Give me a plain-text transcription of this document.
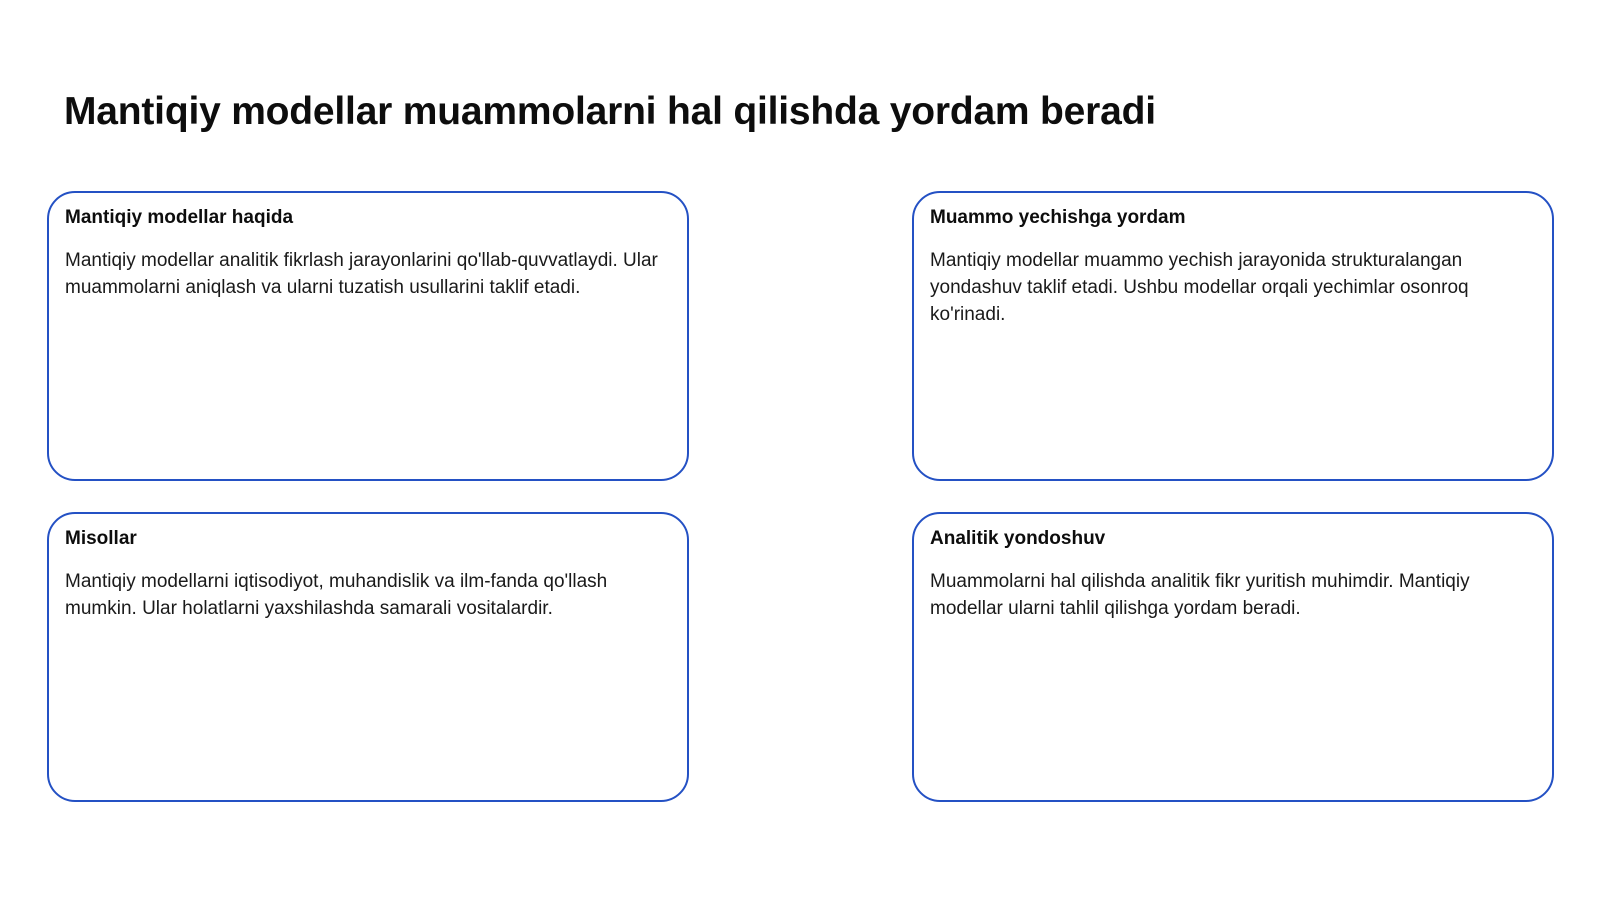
Mantiqiy modellar muammolarni hal qilishda yordam beradi
Mantiqiy modellar haqida

Mantiqiy modellar analitik fikrlash jarayonlarini qo'llab-quvvatlaydi. Ular muammolarni aniqlash va ularni tuzatish usullarini taklif etadi.

Muammo yechishga yordam

Mantiqiy modellar muammo yechish jarayonida strukturalangan yondashuv taklif etadi. Ushbu modellar orqali yechimlar osonroq ko'rinadi.

Misollar

Mantiqiy modellarni iqtisodiyot, muhandislik va ilm-fanda qo'llash mumkin. Ular holatlarni yaxshilashda samarali vositalardir.

Analitik yondoshuv

Muammolarni hal qilishda analitik fikr yuritish muhimdir. Mantiqiy modellar ularni tahlil qilishga yordam beradi.
